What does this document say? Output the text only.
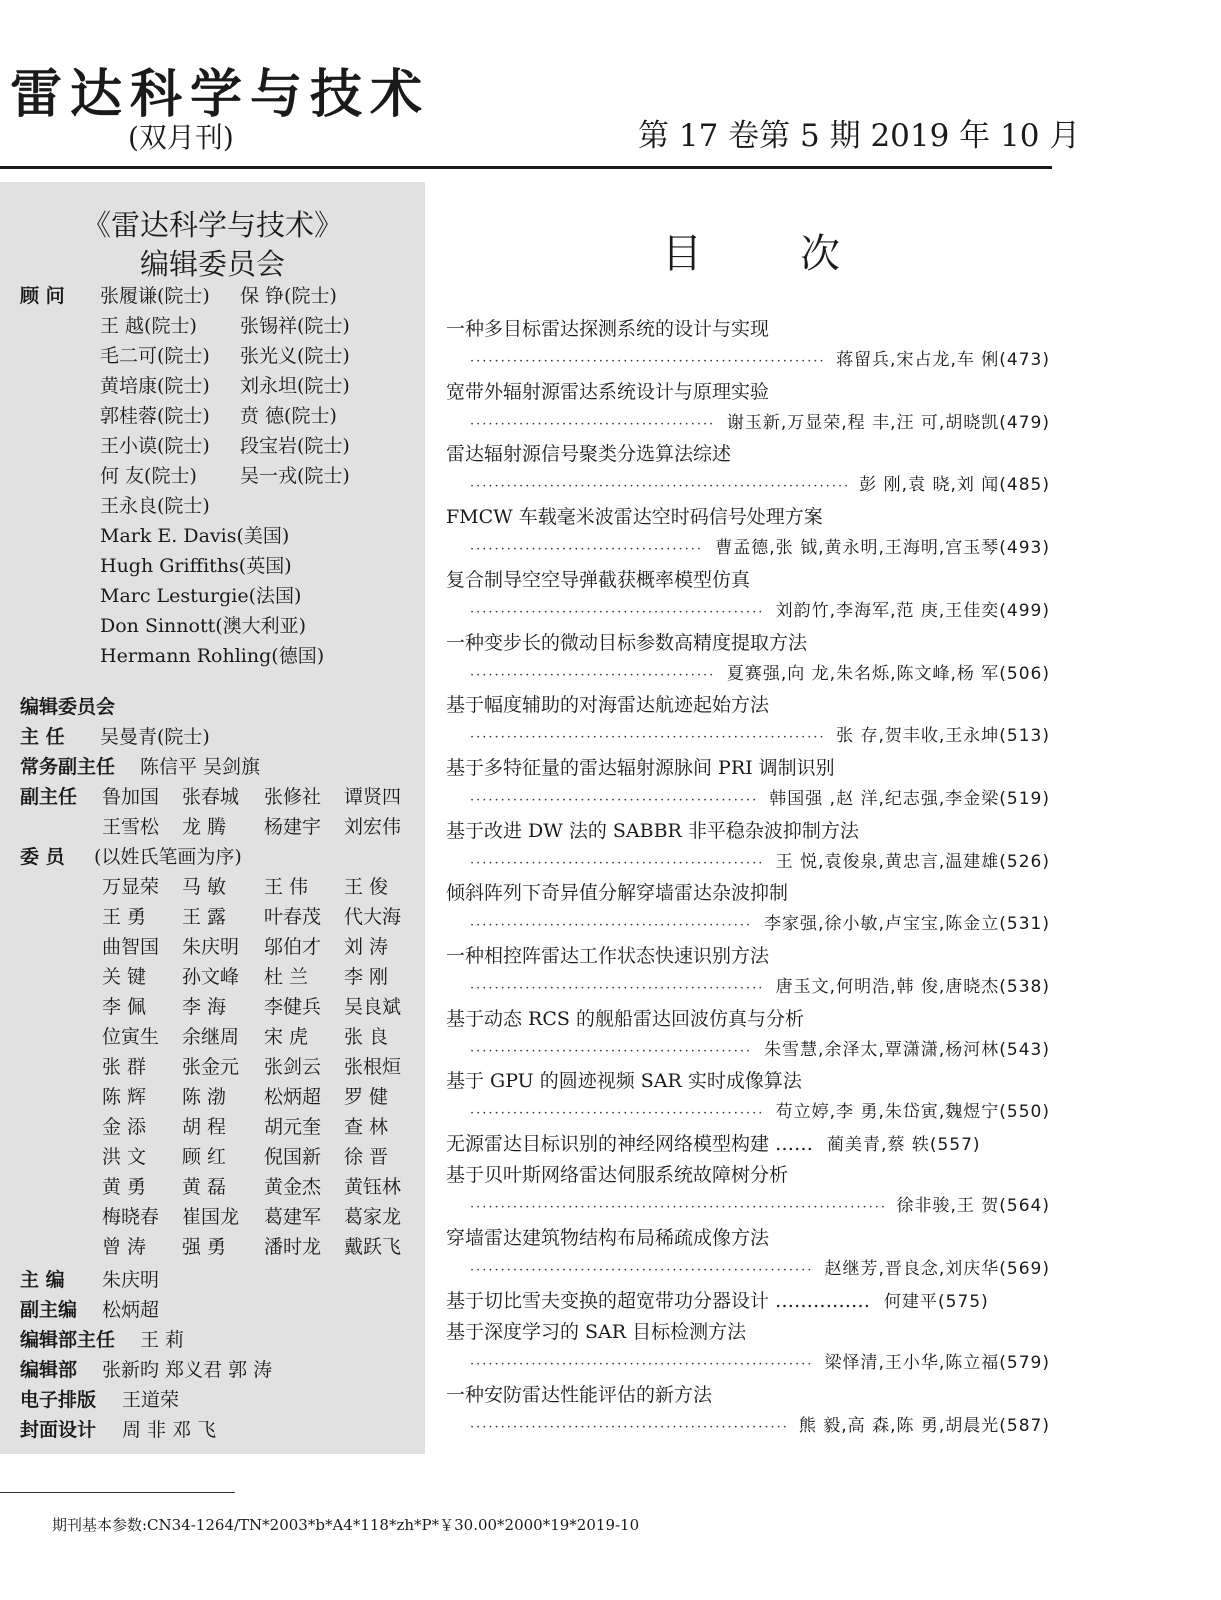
雷达科学与技术
(双月刊)	第 17 卷第 5 期 2019 年 10 月
《雷达科学与技术》
编辑委员会
顾 问 张履谦(院士) 保 铮(院士)
王 越(院士) 张锡祥(院士)
毛二可(院士) 张光义(院士)
黄培康(院士) 刘永坦(院士)
郭桂蓉(院士) 贲 德(院士)
王小谟(院士) 段宝岩(院士)
何 友(院士) 吴一戎(院士)
王永良(院士)
Mark E. Davis(美国)
Hugh Griffiths(英国)
Marc Lesturgie(法国)
Don Sinnott(澳大利亚)
Hermann Rohling(德国)
编辑委员会
主 任 吴曼青(院士)
常务副主任 陈信平 吴剑旗
副主任 鲁加国 张春城 张修社 谭贤四
王雪松 龙 腾 杨建宇 刘宏伟
委 员 (以姓氏笔画为序)
万显荣 马 敏 王 伟 王 俊
王 勇 王 露 叶春茂 代大海
曲智国 朱庆明 邬伯才 刘 涛
关 键 孙文峰 杜 兰 李 刚
李 佩 李 海 李健兵 吴良斌
位寅生 余继周 宋 虎 张 良
张 群 张金元 张剑云 张根烜
陈 辉 陈 渤 松炳超 罗 健
金 添 胡 程 胡元奎 查 林
洪 文 顾 红 倪国新 徐 晋
黄 勇 黄 磊 黄金杰 黄钰林
梅晓春 崔国龙 葛建军 葛家龙
曾 涛 强 勇 潘时龙 戴跃飞
主 编 朱庆明
副主编 松炳超
编辑部主任 王 莉
编辑部 张新昀 郑义君 郭 涛
电子排版 王道荣
封面设计 周 非 邓 飞
目 次
一种多目标雷达探测系统的设计与实现
·····
蒋留兵,宋占龙,车 俐(473)
宽带外辐射源雷达系统设计与原理实验
·····
谢玉新,万显荣,程 丰,汪 可,胡晓凯(479)
雷达辐射源信号聚类分选算法综述
·····
彭 刚,袁 晓,刘 闻(485)
FMCW 车载毫米波雷达空时码信号处理方案
·····
曹孟德,张 钺,黄永明,王海明,宫玉琴(493)
复合制导空空导弹截获概率模型仿真
·····
刘韵竹,李海军,范 庚,王佳奕(499)
一种变步长的微动目标参数高精度提取方法
·····
夏赛强,向 龙,朱名烁,陈文峰,杨 军(506)
基于幅度辅助的对海雷达航迹起始方法
·····
张 存,贺丰收,王永坤(513)
基于多特征量的雷达辐射源脉间 PRI 调制识别
·····
韩国强 ,赵 洋,纪志强,李金梁(519)
基于改进 DW 法的 SABBR 非平稳杂波抑制方法
·····
王 悦,袁俊泉,黄忠言,温建雄(526)
倾斜阵列下奇异值分解穿墙雷达杂波抑制
·····
李家强,徐小敏,卢宝宝,陈金立(531)
一种相控阵雷达工作状态快速识别方法
·····
唐玉文,何明浩,韩 俊,唐晓杰(538)
基于动态 RCS 的舰船雷达回波仿真与分析
·····
朱雪慧,余泽太,覃潇潇,杨河林(543)
基于 GPU 的圆迹视频 SAR 实时成像算法
·····
苟立婷,李 勇,朱岱寅,魏煜宁(550)
无源雷达目标识别的神经网络模型构建 …… 蔺美青,蔡 轶(557)
基于贝叶斯网络雷达伺服系统故障树分析
·····
徐非骏,王 贺(564)
穿墙雷达建筑物结构布局稀疏成像方法
·····
赵继芳,晋良念,刘庆华(569)
基于切比雪夫变换的超宽带功分器设计 …………… 何建平(575)
基于深度学习的 SAR 目标检测方法
·····
梁怿清,王小华,陈立福(579)
一种安防雷达性能评估的新方法
·····
熊 毅,高 森,陈 勇,胡晨光(587)
期刊基本参数:CN34-1264/TN*2003*b*A4*118*zh*P*￥30.00*2000*19*2019-10
